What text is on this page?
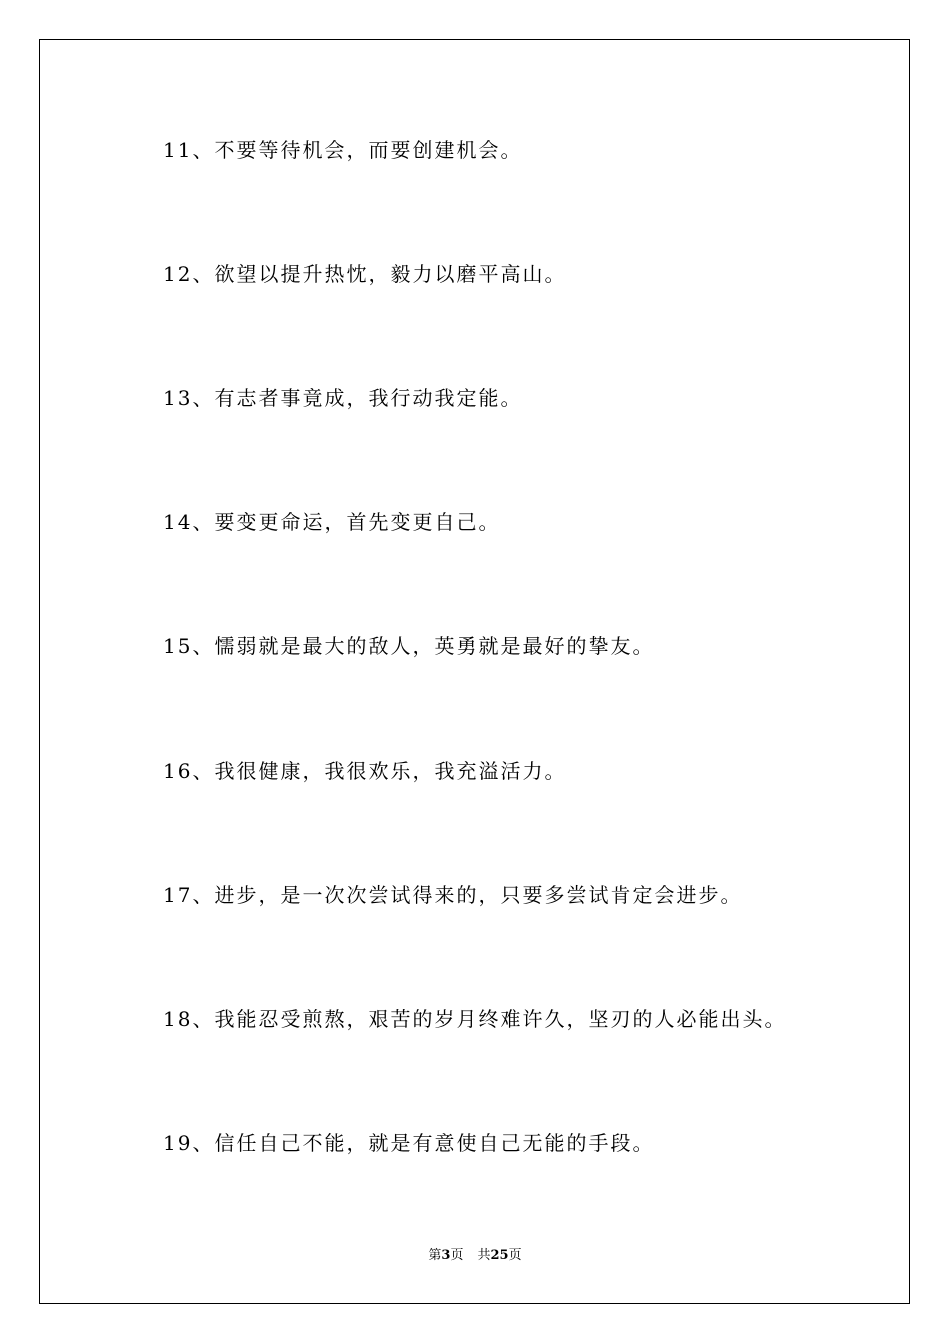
11、不要等待机会，而要创建机会。
12、欲望以提升热忱，毅力以磨平高山。
13、有志者事竟成，我行动我定能。
14、要变更命运，首先变更自己。
15、懦弱就是最大的敌人，英勇就是最好的挚友。
16、我很健康，我很欢乐，我充溢活力。
17、进步，是一次次尝试得来的，只要多尝试肯定会进步。
18、我能忍受煎熬，艰苦的岁月终难许久，坚刃的人必能出头。
19、信任自己不能，就是有意使自己无能的手段。
第3页 共25页
